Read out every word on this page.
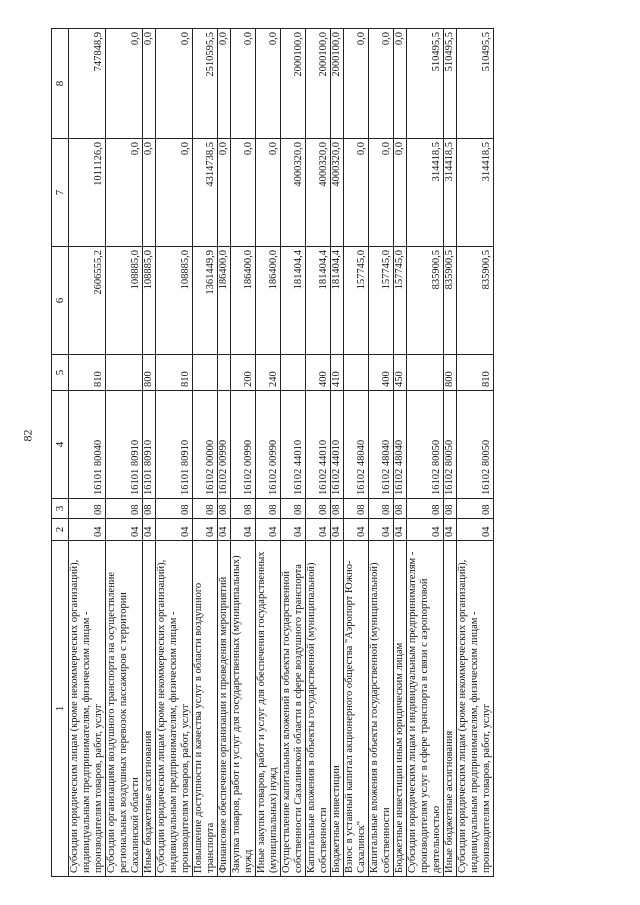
82
1	2	3	4	5	6	7	8
Субсидии юридическим лицам (кроме некоммерческих организаций), индивидуальным предпринимателям, физическим лицам - производителям товаров, работ, услуг	04	08	16101 80040	810	2606555,2	1011126,0	747848,9
Субсидии организациям воздушного транспорта на осуществление региональных воздушных перевозок пассажиров с территории Сахалинской области	04	08	16101 80910		108885,0	0,0	0,0
Иные бюджетные ассигнования	04	08	16101 80910	800	108885,0	0,0	0,0
Субсидии юридическим лицам (кроме некоммерческих организаций), индивидуальным предпринимателям, физическим лицам - производителям товаров, работ, услуг	04	08	16101 80910	810	108885,0	0,0	0,0
Повышение доступности и качества услуг в области воздушного транспорта	04	08	16102 00000		1361449,9	4314738,5	2510595,5
Финансовое обеспечение организации и проведения мероприятий	04	08	16102 00990		186400,0	0,0	0,0
Закупка товаров, работ и услуг для государственных (муниципальных) нужд	04	08	16102 00990	200	186400,0	0,0	0,0
Иные закупки товаров, работ и услуг для обеспечения государственных (муниципальных) нужд	04	08	16102 00990	240	186400,0	0,0	0,0
Осуществление капитальных вложений в объекты государственной собственности Сахалинской области в сфере воздушного транспорта	04	08	16102 44010		181404,4	4000320,0	2000100,0
Капитальные вложения в объекты государственной (муниципальной) собственности	04	08	16102 44010	400	181404,4	4000320,0	2000100,0
Бюджетные инвестиции	04	08	16102 44010	410	181404,4	4000320,0	2000100,0
Взнос в уставный капитал акционерного общества "Аэропорт Южно-Сахалинск"	04	08	16102 48040		157745,0	0,0	0,0
Капитальные вложения в объекты государственной (муниципальной) собственности	04	08	16102 48040	400	157745,0	0,0	0,0
Бюджетные инвестиции иным юридическим лицам	04	08	16102 48040	450	157745,0	0,0	0,0
Субсидии юридическим лицам и индивидуальным предпринимателям - производителям услуг в сфере транспорта в связи с аэропортовой деятельностью	04	08	16102 80050		835900,5	314418,5	510495,5
Иные бюджетные ассигнования	04	08	16102 80050	800	835900,5	314418,5	510495,5
Субсидии юридическим лицам (кроме некоммерческих организаций), индивидуальным предпринимателям, физическим лицам - производителям товаров, работ, услуг	04	08	16102 80050	810	835900,5	314418,5	510495,5
